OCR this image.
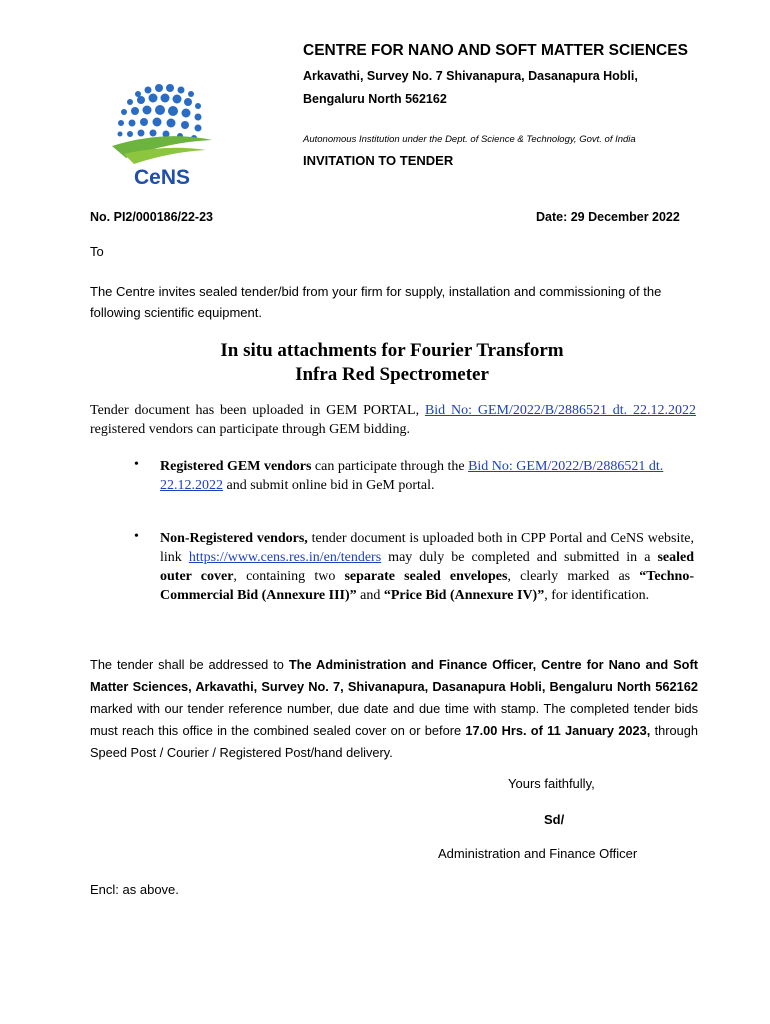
CeNS
CENTRE FOR NANO AND SOFT MATTER SCIENCES
Arkavathi, Survey No. 7 Shivanapura, Dasanapura Hobli,
Bengaluru North 562162
Autonomous Institution under the Dept. of Science & Technology, Govt. of India
INVITATION TO TENDER
No. PI2/000186/22-23	Date: 29 December 2022
To
The Centre invites sealed tender/bid from your firm for supply, installation and commissioning of the following scientific equipment.
In situ attachments for Fourier Transform
Infra Red Spectrometer
Tender document has been uploaded in GEM PORTAL, Bid No: GEM/2022/B/2886521 dt. 22.12.2022 registered vendors can participate through GEM bidding.
• Registered GEM vendors can participate through the Bid No: GEM/2022/B/2886521 dt. 22.12.2022 and submit online bid in GeM portal.
• Non-Registered vendors, tender document is uploaded both in CPP Portal and CeNS website, link https://www.cens.res.in/en/tenders may duly be completed and submitted in a sealed outer cover, containing two separate sealed envelopes, clearly marked as “Techno-Commercial Bid (Annexure III)” and “Price Bid (Annexure IV)”, for identification.
The tender shall be addressed to The Administration and Finance Officer, Centre for Nano and Soft Matter Sciences, Arkavathi, Survey No. 7, Shivanapura, Dasanapura Hobli, Bengaluru North 562162 marked with our tender reference number, due date and due time with stamp. The completed tender bids must reach this office in the combined sealed cover on or before 17.00 Hrs. of 11 January 2023, through Speed Post / Courier / Registered Post/hand delivery.
Yours faithfully,
Sd/
Administration and Finance Officer
Encl: as above.
